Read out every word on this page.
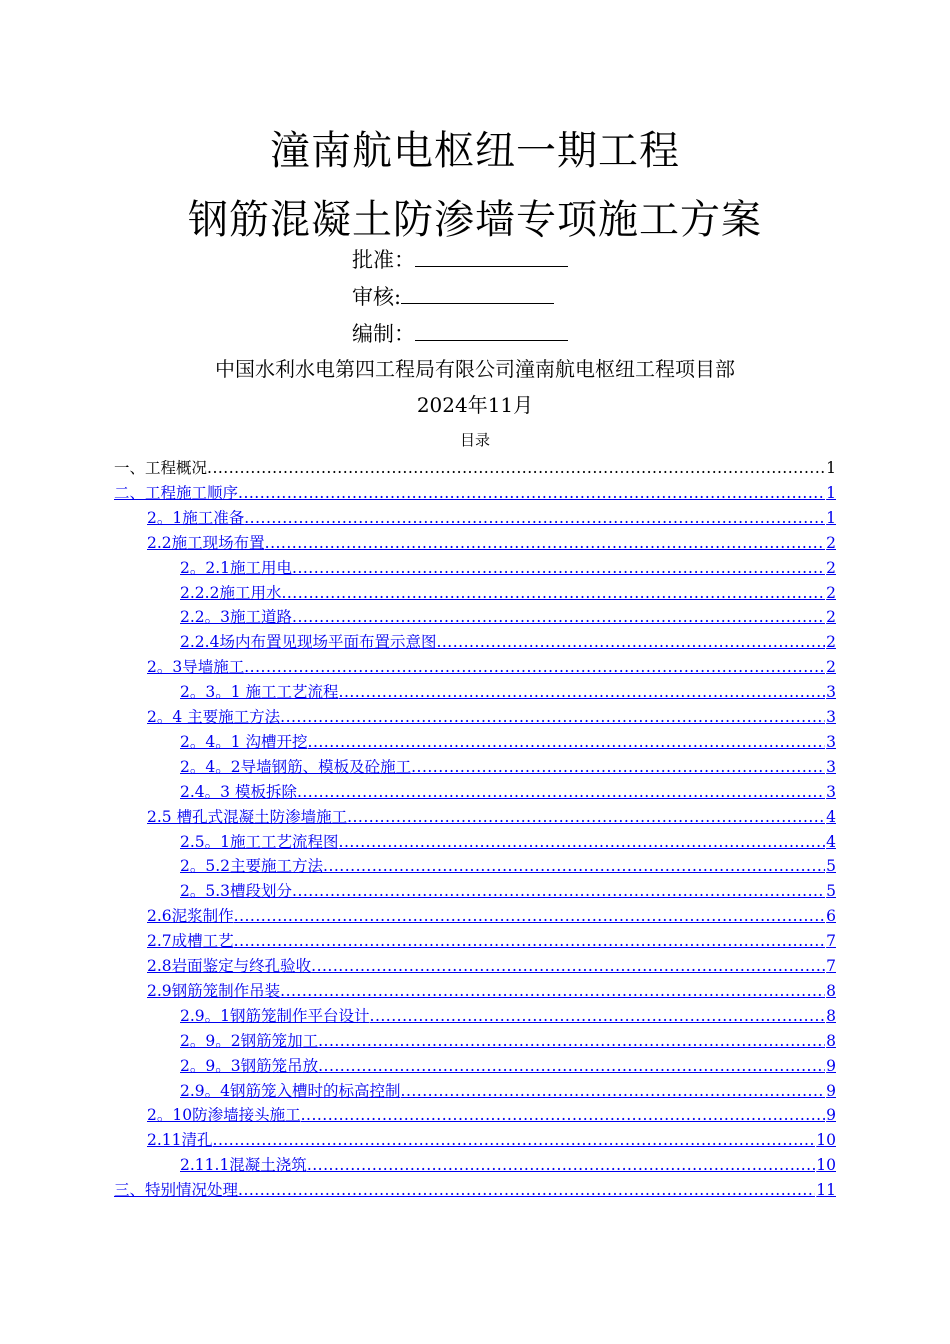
潼南航电枢纽一期工程
钢筋混凝土防渗墙专项施工方案
批准：
审核:
编制：
中国水利水电第四工程局有限公司潼南航电枢纽工程项目部
2024年11月
目录
一、工程概况 .....	1
二、工程施工顺序 .....	1
2。1施工准备 .....	1
2.2施工现场布置 .....	2
2。2.1施工用电 .....	2
2.2.2施工用水 .....	2
2.2。3施工道路 .....	2
2.2.4场内布置见现场平面布置示意图 .....	2
2。3导墙施工 .....	2
2。3。1 施工工艺流程 .....	3
2。4 主要施工方法 .....	3
2。4。1 沟槽开挖 .....	3
2。4。2导墙钢筋、模板及砼施工 .....	3
2.4。3 模板拆除 .....	3
2.5 槽孔式混凝土防渗墙施工 .....	4
2.5。1施工工艺流程图 .....	4
2。5.2主要施工方法 .....	5
2。5.3槽段划分 .....	5
2.6泥浆制作 .....	6
2.7成槽工艺 .....	7
2.8岩面鉴定与终孔验收 .....	7
2.9钢筋笼制作吊装 .....	8
2.9。1钢筋笼制作平台设计 .....	8
2。9。2钢筋笼加工 .....	8
2。9。3钢筋笼吊放 .....	9
2.9。4钢筋笼入槽时的标高控制 .....	9
2。10防渗墙接头施工 .....	9
2.11清孔 .....	10
2.11.1混凝土浇筑 .....	10
三、特别情况处理 .....	11
